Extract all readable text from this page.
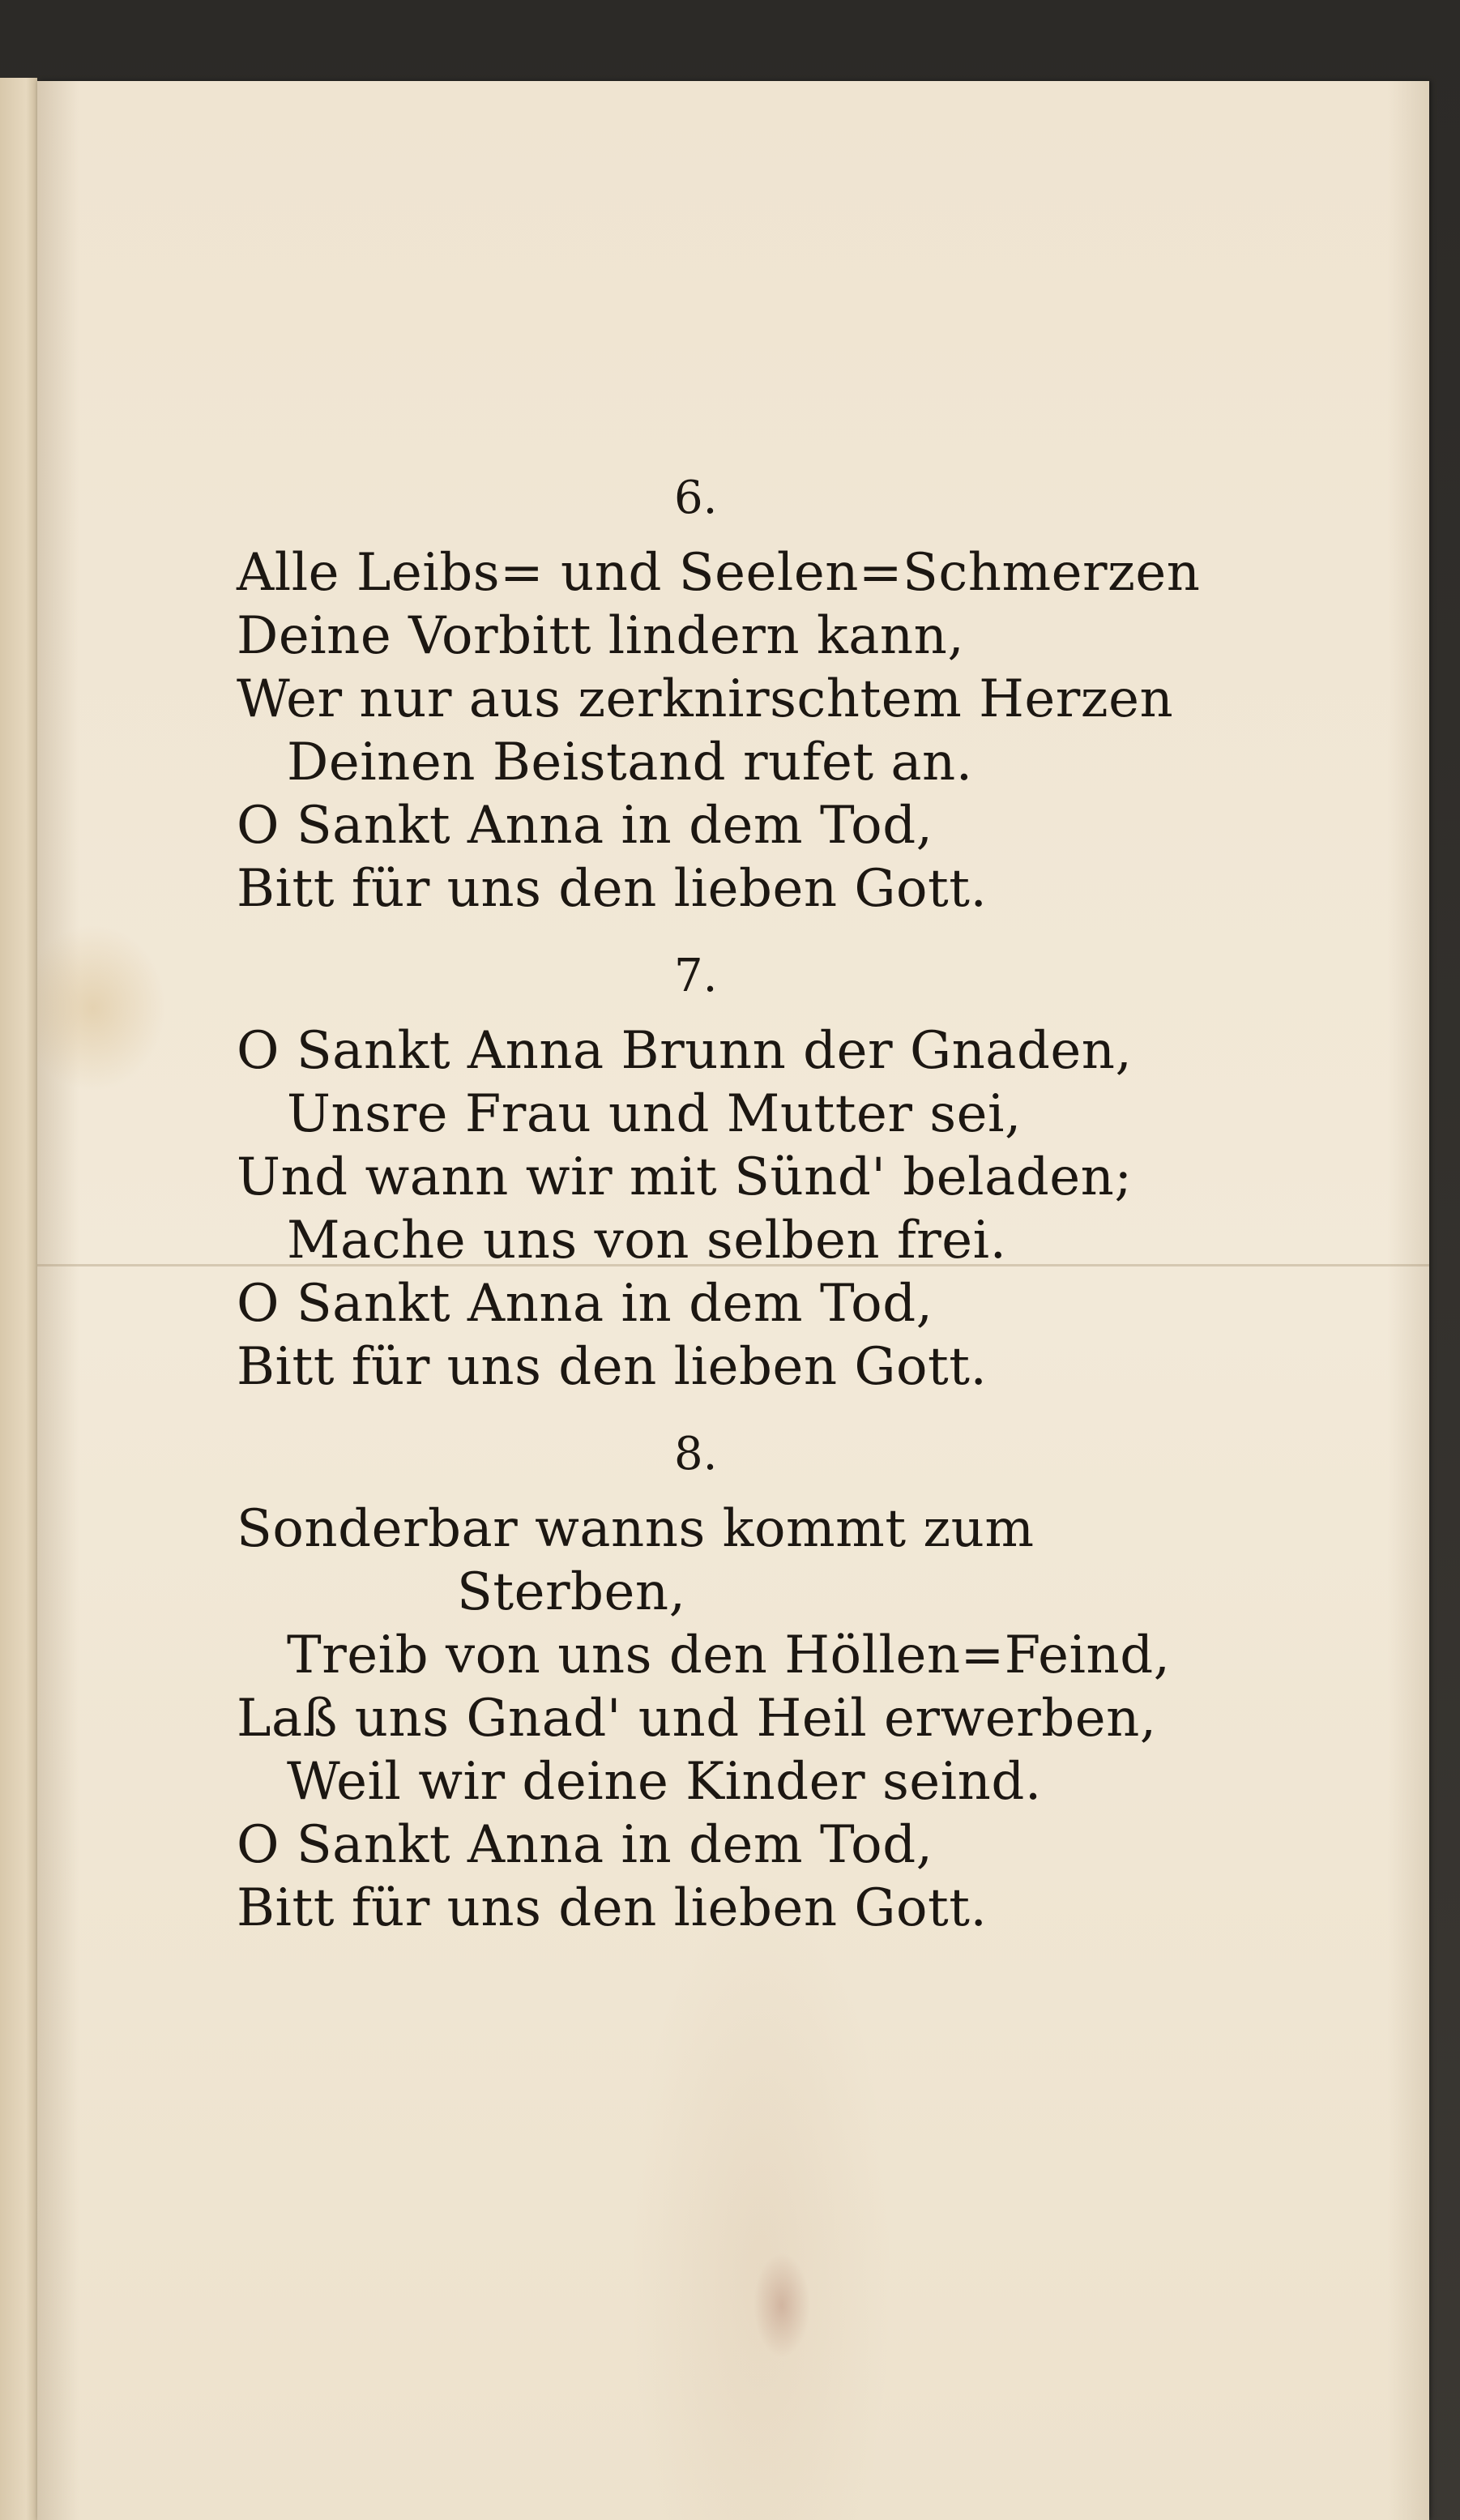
6.
Alle Leibs= und Seelen=Schmerzen
Deine Vorbitt lindern kann,
Wer nur aus zerknirschtem Herzen
Deinen Beistand rufet an.
O Sankt Anna in dem Tod,
Bitt für uns den lieben Gott.
7.
O Sankt Anna Brunn der Gnaden,
Unsre Frau und Mutter sei,
Und wann wir mit Sünd' beladen;
Mache uns von selben frei.
O Sankt Anna in dem Tod,
Bitt für uns den lieben Gott.
8.
Sonderbar wanns kommt zum
Sterben,
Treib von uns den Höllen=Feind,
Laß uns Gnad' und Heil erwerben,
Weil wir deine Kinder seind.
O Sankt Anna in dem Tod,
Bitt für uns den lieben Gott.
